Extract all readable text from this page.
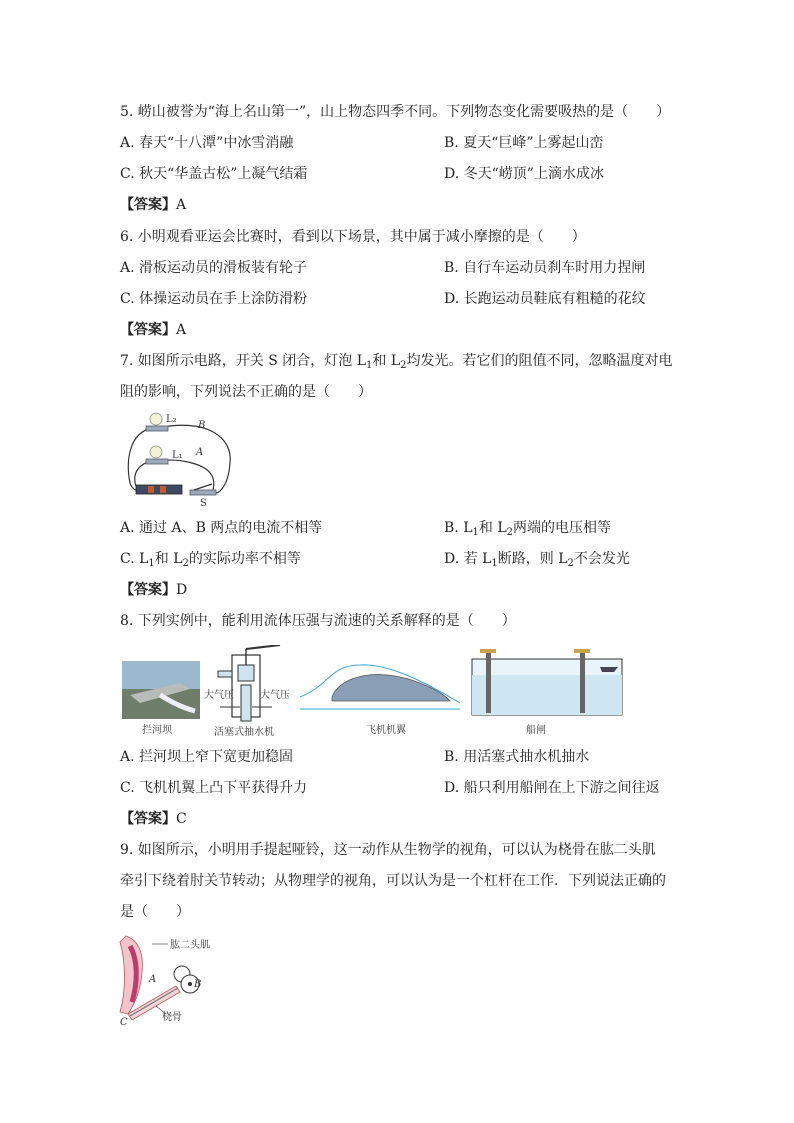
5. 崂山被誉为“海上名山第一”，山上物态四季不同。下列物态变化需要吸热的是（　　）
A. 春天“十八潭”中冰雪消融	B. 夏天“巨峰”上雾起山峦
C. 秋天“华盖古松”上凝气结霜	D. 冬天“崂顶”上滴水成冰
【答案】A
6. 小明观看亚运会比赛时，看到以下场景，其中属于减小摩擦的是（　　）
A. 滑板运动员的滑板装有轮子	B. 自行车运动员刹车时用力捏闸
C. 体操运动员在手上涂防滑粉	D. 长跑运动员鞋底有粗糙的花纹
【答案】A
7. 如图所示电路，开关 S 闭合，灯泡 $L_1$和 $L_2$均发光。若它们的阻值不同，忽略温度对电
阻的影响，下列说法不正确的是（　　）
L₂
L₁
B
A
S
A. 通过 A、B 两点的电流不相等	B. $L_1$和 $L_2$两端的电压相等
C. $L_1$和 $L_2$的实际功率不相等	D. 若 $L_1$断路，则 $L_2$不会发光
【答案】D
8. 下列实例中，能利用流体压强与流速的关系解释的是（　　）
拦河坝
大气压	大气压
活塞式抽水机	飞机机翼	船闸
A. 拦河坝上窄下宽更加稳固	B. 用活塞式抽水机抽水
C. 飞机机翼上凸下平获得升力	D. 船只利用船闸在上下游之间往返
【答案】C
9. 如图所示，小明用手提起哑铃，这一动作从生物学的视角，可以认为桡骨在肱二头肌
牵引下绕着肘关节转动；从物理学的视角，可以认为是一个杠杆在工作．下列说法正确的
是（　　）
肱二头肌
A	B
C	桡骨
